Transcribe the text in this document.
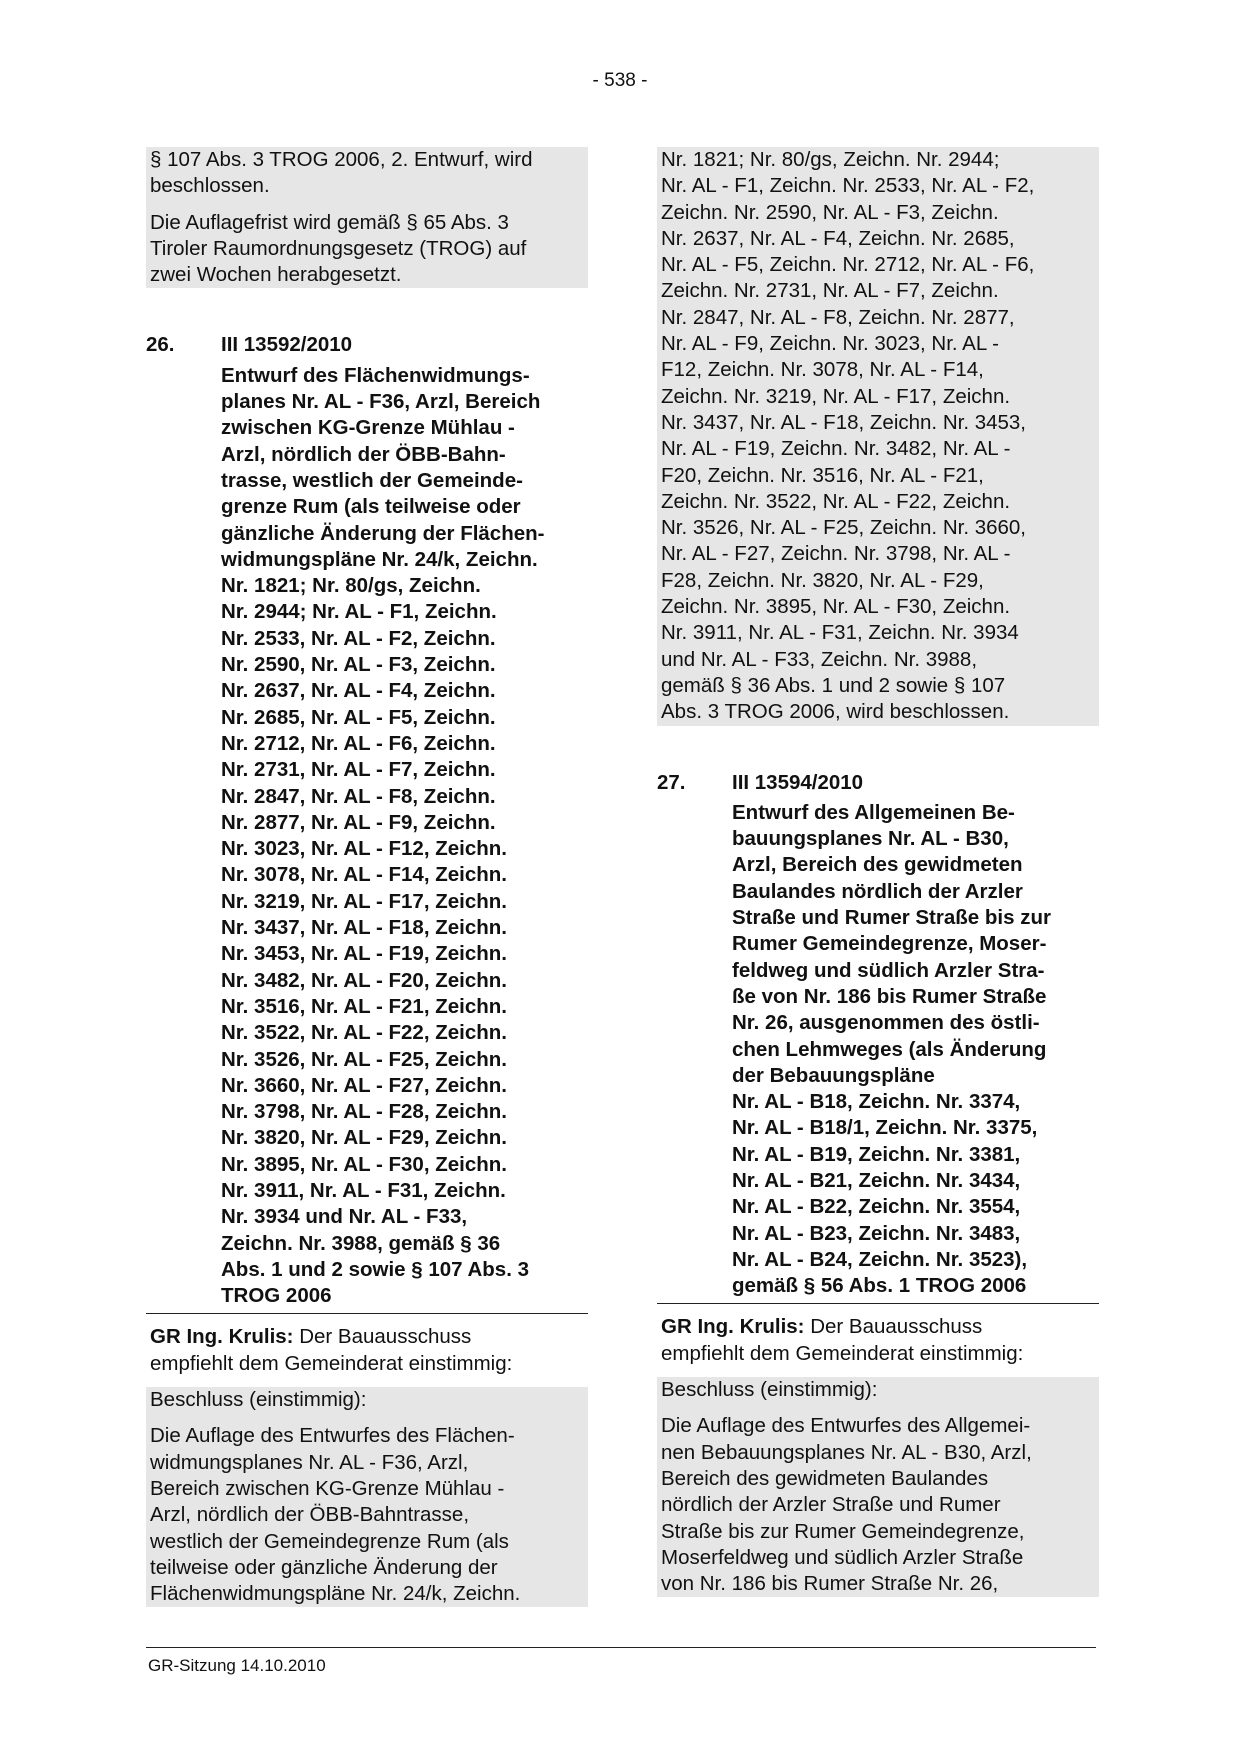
- 538 -
§ 107 Abs. 3 TROG 2006, 2. Entwurf, wird
beschlossen.
Die Auflagefrist wird gemäß § 65 Abs. 3
Tiroler Raumordnungsgesetz (TROG) auf
zwei Wochen herabgesetzt.
26.	III 13592/2010
Entwurf des Flächenwidmungs-
planes Nr. AL - F36, Arzl, Bereich
zwischen KG-Grenze Mühlau -
Arzl, nördlich der ÖBB-Bahn-
trasse, westlich der Gemeinde-
grenze Rum (als teilweise oder
gänzliche Änderung der Flächen-
widmungspläne Nr. 24/k, Zeichn.
Nr. 1821; Nr. 80/gs, Zeichn.
Nr. 2944; Nr. AL - F1, Zeichn.
Nr. 2533, Nr. AL - F2, Zeichn.
Nr. 2590, Nr. AL - F3, Zeichn.
Nr. 2637, Nr. AL - F4, Zeichn.
Nr. 2685, Nr. AL - F5, Zeichn.
Nr. 2712, Nr. AL - F6, Zeichn.
Nr. 2731, Nr. AL - F7, Zeichn.
Nr. 2847, Nr. AL - F8, Zeichn.
Nr. 2877, Nr. AL - F9, Zeichn.
Nr. 3023, Nr. AL - F12, Zeichn.
Nr. 3078, Nr. AL - F14, Zeichn.
Nr. 3219, Nr. AL - F17, Zeichn.
Nr. 3437, Nr. AL - F18, Zeichn.
Nr. 3453, Nr. AL - F19, Zeichn.
Nr. 3482, Nr. AL - F20, Zeichn.
Nr. 3516, Nr. AL - F21, Zeichn.
Nr. 3522, Nr. AL - F22, Zeichn.
Nr. 3526, Nr. AL - F25, Zeichn.
Nr. 3660, Nr. AL - F27, Zeichn.
Nr. 3798, Nr. AL - F28, Zeichn.
Nr. 3820, Nr. AL - F29, Zeichn.
Nr. 3895, Nr. AL - F30, Zeichn.
Nr. 3911, Nr. AL - F31, Zeichn.
Nr. 3934 und Nr. AL - F33,
Zeichn. Nr. 3988, gemäß § 36
Abs. 1 und 2 sowie § 107 Abs. 3
TROG 2006
GR Ing. Krulis: Der Bauausschuss
empfiehlt dem Gemeinderat einstimmig:
Beschluss (einstimmig):
Die Auflage des Entwurfes des Flächen-
widmungsplanes Nr. AL - F36, Arzl,
Bereich zwischen KG-Grenze Mühlau -
Arzl, nördlich der ÖBB-Bahntrasse,
westlich der Gemeindegrenze Rum (als
teilweise oder gänzliche Änderung der
Flächenwidmungspläne Nr. 24/k, Zeichn.
Nr. 1821; Nr. 80/gs, Zeichn. Nr. 2944;
Nr. AL - F1, Zeichn. Nr. 2533, Nr. AL - F2,
Zeichn. Nr. 2590, Nr. AL - F3, Zeichn.
Nr. 2637, Nr. AL - F4, Zeichn. Nr. 2685,
Nr. AL - F5, Zeichn. Nr. 2712, Nr. AL - F6,
Zeichn. Nr. 2731, Nr. AL - F7, Zeichn.
Nr. 2847, Nr. AL - F8, Zeichn. Nr. 2877,
Nr. AL - F9, Zeichn. Nr. 3023, Nr. AL -
F12, Zeichn. Nr. 3078, Nr. AL - F14,
Zeichn. Nr. 3219, Nr. AL - F17, Zeichn.
Nr. 3437, Nr. AL - F18, Zeichn. Nr. 3453,
Nr. AL - F19, Zeichn. Nr. 3482, Nr. AL -
F20, Zeichn. Nr. 3516, Nr. AL - F21,
Zeichn. Nr. 3522, Nr. AL - F22, Zeichn.
Nr. 3526, Nr. AL - F25, Zeichn. Nr. 3660,
Nr. AL - F27, Zeichn. Nr. 3798, Nr. AL -
F28, Zeichn. Nr. 3820, Nr. AL - F29,
Zeichn. Nr. 3895, Nr. AL - F30, Zeichn.
Nr. 3911, Nr. AL - F31, Zeichn. Nr. 3934
und Nr. AL - F33, Zeichn. Nr. 3988,
gemäß § 36 Abs. 1 und 2 sowie § 107
Abs. 3 TROG 2006, wird beschlossen.
27.	III 13594/2010
Entwurf des Allgemeinen Be-
bauungsplanes Nr. AL - B30,
Arzl, Bereich des gewidmeten
Baulandes nördlich der Arzler
Straße und Rumer Straße bis zur
Rumer Gemeindegrenze, Moser-
feldweg und südlich Arzler Stra-
ße von Nr. 186 bis Rumer Straße
Nr. 26, ausgenommen des östli-
chen Lehmweges (als Änderung
der Bebauungspläne
Nr. AL - B18, Zeichn. Nr. 3374,
Nr. AL - B18/1, Zeichn. Nr. 3375,
Nr. AL - B19, Zeichn. Nr. 3381,
Nr. AL - B21, Zeichn. Nr. 3434,
Nr. AL - B22, Zeichn. Nr. 3554,
Nr. AL - B23, Zeichn. Nr. 3483,
Nr. AL - B24, Zeichn. Nr. 3523),
gemäß § 56 Abs. 1 TROG 2006
GR Ing. Krulis: Der Bauausschuss
empfiehlt dem Gemeinderat einstimmig:
Beschluss (einstimmig):
Die Auflage des Entwurfes des Allgemei-
nen Bebauungsplanes Nr. AL - B30, Arzl,
Bereich des gewidmeten Baulandes
nördlich der Arzler Straße und Rumer
Straße bis zur Rumer Gemeindegrenze,
Moserfeldweg und südlich Arzler Straße
von Nr. 186 bis Rumer Straße Nr. 26,
GR-Sitzung 14.10.2010
